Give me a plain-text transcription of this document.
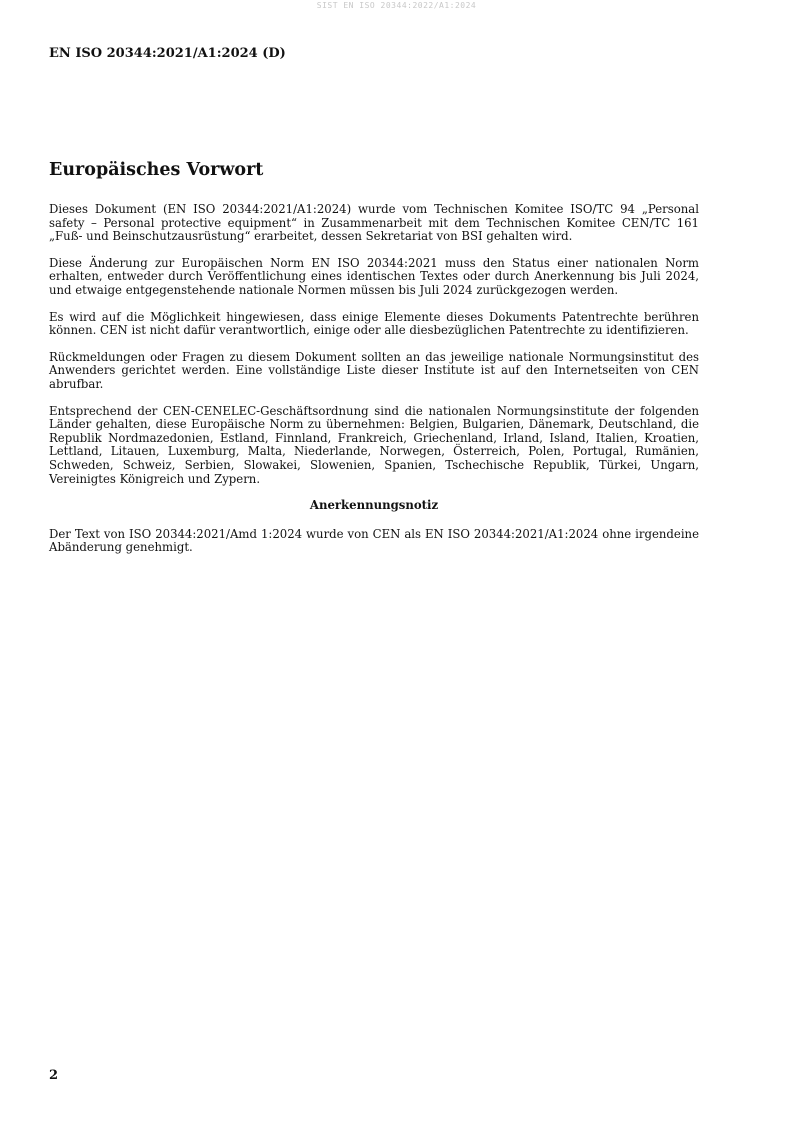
SIST EN ISO 20344:2022/A1:2024
EN ISO 20344:2021/A1:2024 (D)
Europäisches Vorwort

Dieses Dokument (EN ISO 20344:2021/A1:2024) wurde vom Technischen Komitee ISO/TC 94 „Personal safety – Personal protective equipment“ in Zusammenarbeit mit dem Technischen Komitee CEN/TC 161 „Fuß- und Beinschutzausrüstung“ erarbeitet, dessen Sekretariat von BSI gehalten wird.

Diese Änderung zur Europäischen Norm EN ISO 20344:2021 muss den Status einer nationalen Norm erhalten, entweder durch Veröffentlichung eines identischen Textes oder durch Anerkennung bis Juli 2024, und etwaige entgegenstehende nationale Normen müssen bis Juli 2024 zurückgezogen werden.

Es wird auf die Möglichkeit hingewiesen, dass einige Elemente dieses Dokuments Patentrechte berühren können. CEN ist nicht dafür verantwortlich, einige oder alle diesbezüglichen Patentrechte zu identifizieren.

Rückmeldungen oder Fragen zu diesem Dokument sollten an das jeweilige nationale Normungsinstitut des Anwenders gerichtet werden. Eine vollständige Liste dieser Institute ist auf den Internetseiten von CEN abrufbar.

Entsprechend der CEN-CENELEC-Geschäftsordnung sind die nationalen Normungsinstitute der folgenden Länder gehalten, diese Europäische Norm zu übernehmen: Belgien, Bulgarien, Dänemark, Deutschland, die Republik Nordmazedonien, Estland, Finnland, Frankreich, Griechenland, Irland, Island, Italien, Kroatien, Lettland, Litauen, Luxemburg, Malta, Niederlande, Norwegen, Österreich, Polen, Portugal, Rumänien, Schweden, Schweiz, Serbien, Slowakei, Slowenien, Spanien, Tschechische Republik, Türkei, Ungarn, Vereinigtes Königreich und Zypern.

Anerkennungsnotiz

Der Text von ISO 20344:2021/Amd 1:2024 wurde von CEN als EN ISO 20344:2021/A1:2024 ohne irgendeine Abänderung genehmigt.

2
